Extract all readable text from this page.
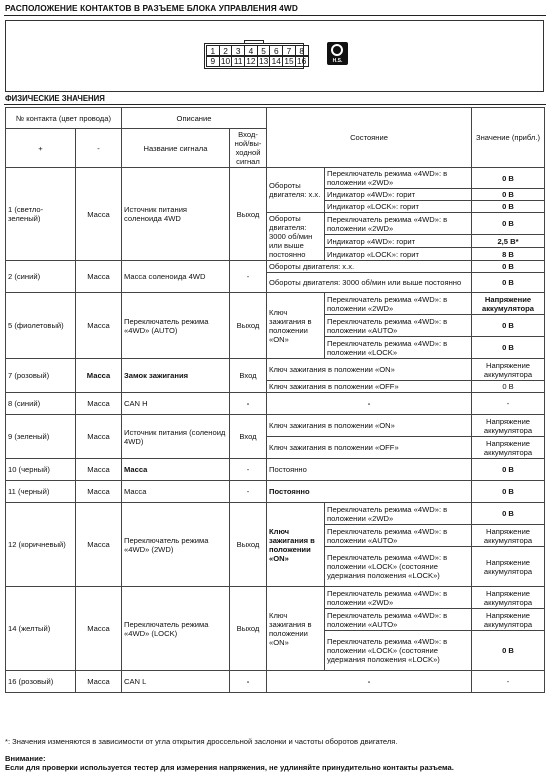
РАСПОЛОЖЕНИЕ КОНТАКТОВ В РАЗЪЕМЕ БЛОКА УПРАВЛЕНИЯ 4WD
1 2 3 4 5 6 7 8
9 10 11 12 13 14 15 16	H.S.
ФИЗИЧЕСКИЕ ЗНАЧЕНИЯ
№ контакта (цвет провода)		Описание		Состояние		Значение (прибл.)
+	-	Название сигнала	Вход-ной/вы-ходной сигнал			
1 (светло-зеленый)	Масса	Источник питания соленоида 4WD	Выход	Обороты двигателя: х.х.	Переключатель режима «4WD»: в положении «2WD»	0 В
					Индикатор «4WD»: горит	0 В
					Индикатор «LOCK»: горит	0 В
				Обороты двигателя: 3000 об/мин или выше постоянно	Переключатель режима «4WD»: в положении «2WD»	0 В
					Индикатор «4WD»: горит	2,5 В*
					Индикатор «LOCK»: горит	8 В
2 (синий)	Масса	Масса соленоида 4WD	-	Обороты двигателя: х.х.		0 В
				Обороты двигателя: 3000 об/мин или выше постоянно		0 В
5 (фиолетовый)	Масса	Переключатель режима «4WD» (AUTO)	Выход	Ключ зажигания в положении «ON»	Переключатель режима «4WD»: в положении «2WD»	Напряжение аккумулятора
					Переключатель режима «4WD»: в положении «AUTO»	0 В
					Переключатель режима «4WD»: в положении «LOCK»	0 В
7 (розовый)	Масса	Замок зажигания	Вход	Ключ зажигания в положении «ON»		Напряжение аккумулятора
				Ключ зажигания в положении «OFF»		0 В
8 (синий)	Масса	CAN H	-	-		-
9 (зеленый)	Масса	Источник питания (соленоид 4WD)	Вход	Ключ зажигания в положении «ON»		Напряжение аккумулятора
				Ключ зажигания в положении «OFF»		Напряжение аккумулятора
10 (черный)	Масса	Масса	-	Постоянно		0 В
11 (черный)	Масса	Масса	-	Постоянно		0 В
12 (коричневый)	Масса	Переключатель режима «4WD» (2WD)	Выход	Ключ зажигания в положении «ON»	Переключатель режима «4WD»: в положении «2WD»	0 В
					Переключатель режима «4WD»: в положении «AUTO»	Напряжение аккумулятора
					Переключатель режима «4WD»: в положении «LOCK» (состояние удержания положения «LOCK»)	Напряжение аккумулятора
14 (желтый)	Масса	Переключатель режима «4WD» (LOCK)	Выход	Ключ зажигания в положении «ON»	Переключатель режима «4WD»: в положении «2WD»	Напряжение аккумулятора
					Переключатель режима «4WD»: в положении «AUTO»	Напряжение аккумулятора
					Переключатель режима «4WD»: в положении «LOCK» (состояние удержания положения «LOCK»)	0 В
16 (розовый)	Масса	CAN L	-	-		-
*: Значения изменяются в зависимости от угла открытия дроссельной заслонки и частоты оборотов двигателя.
Внимание:
Если для проверки используется тестер для измерения напряжения, не удлиняйте принудительно контакты разъема.
